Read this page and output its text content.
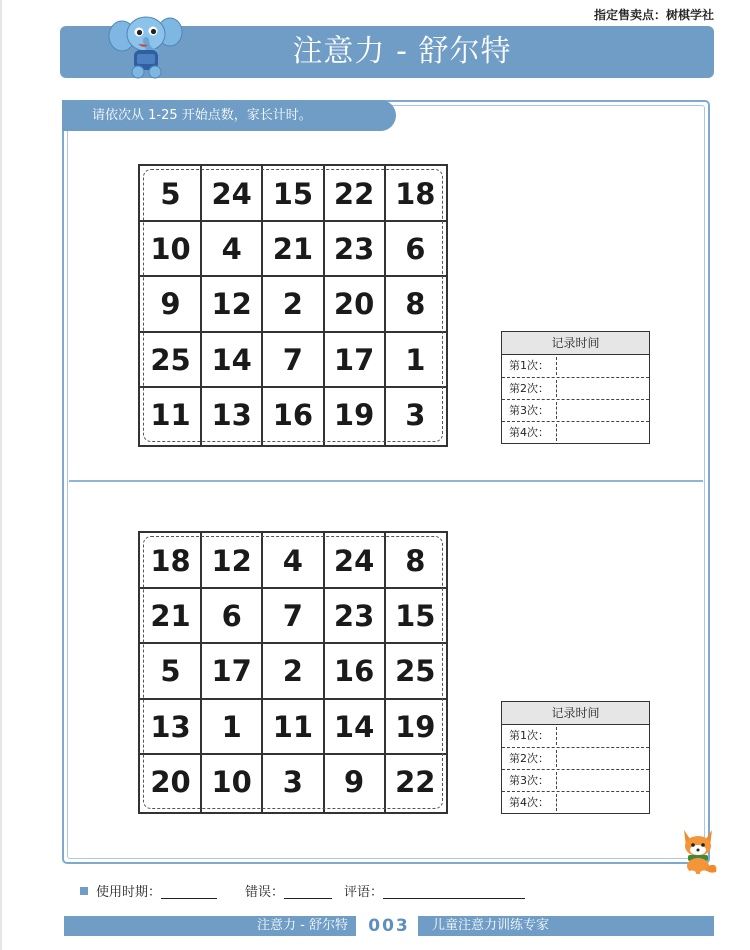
指定售卖点：树棋学社
注意力 - 舒尔特
请依次从 1-25 开始点数，家长计时。
5	24 15 22 18
10	4	21 23	6
9	12	2	20	8
25 14	7	17	1
11 13 16 19	3
记录时间
第1次：
第2次：
第3次：
第4次：
18 12	4	24	8
21	6	7	23 15
5	17	2	16 25
13	1	11 14 19
20 10	3	9	22
记录时间
第1次：
第2次：
第3次：
第4次：
使用时期：	错误：	评语：
注意力 - 舒尔特	003	儿童注意力训练专家
